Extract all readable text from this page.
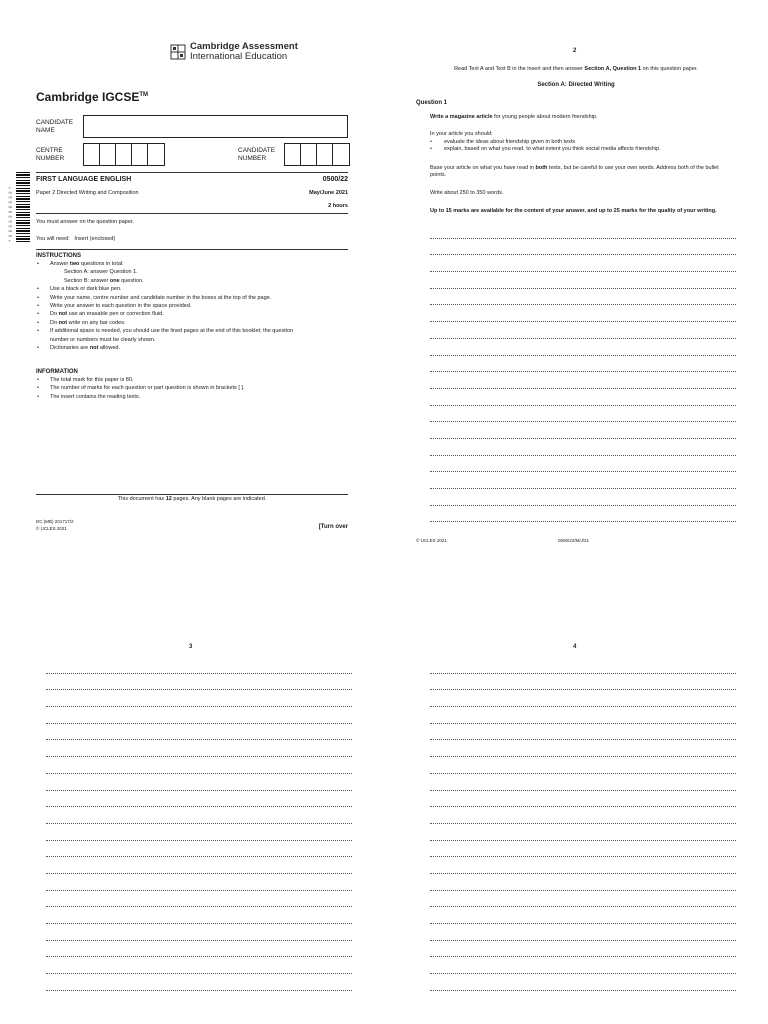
Cambridge Assessment
International Education
Cambridge IGCSE™
CANDIDATE NAME
CENTRE NUMBER
CANDIDATE NUMBER
* 0 0 0 0 0 0 0 0 0 0 *
FIRST LANGUAGE ENGLISH	0500/22
Paper 2 Directed Writing and Composition	May/June 2021
2 hours
You must answer on the question paper.
You will need: Insert (enclosed)
INSTRUCTIONS
• Answer two questions in total:
Section A: answer Question 1.
Section B: answer one question.
• Use a black or dark blue pen.
• Write your name, centre number and candidate number in the boxes at the top of the page.
• Write your answer to each question in the space provided.
• Do not use an erasable pen or correction fluid.
• Do not write on any bar codes.
• If additional space is needed, you should use the lined pages at the end of this booklet; the question
number or numbers must be clearly shown.
• Dictionaries are not allowed.
INFORMATION
• The total mark for this paper is 80.
• The number of marks for each question or part question is shown in brackets [ ].
• The insert contains the reading texts.
This document has 12 pages. Any blank pages are indicated.
DC (MB) 201717/2
© UCLES 2021	[Turn over
2
Read Text A and Text B in the insert and then answer Section A, Question 1 on this question paper.
Section A: Directed Writing
Question 1
Write a magazine article for young people about modern friendship.
In your article you should:
• evaluate the ideas about friendship given in both texts
• explain, based on what you read, to what extent you think social media affects friendship.
Base your article on what you have read in both texts, but be careful to use your own words. Address both of the bullet points.
Write about 250 to 350 words.
Up to 15 marks are available for the content of your answer, and up to 25 marks for the quality of your writing.
© UCLES 2021	0500/22/M/J/21
3	4
